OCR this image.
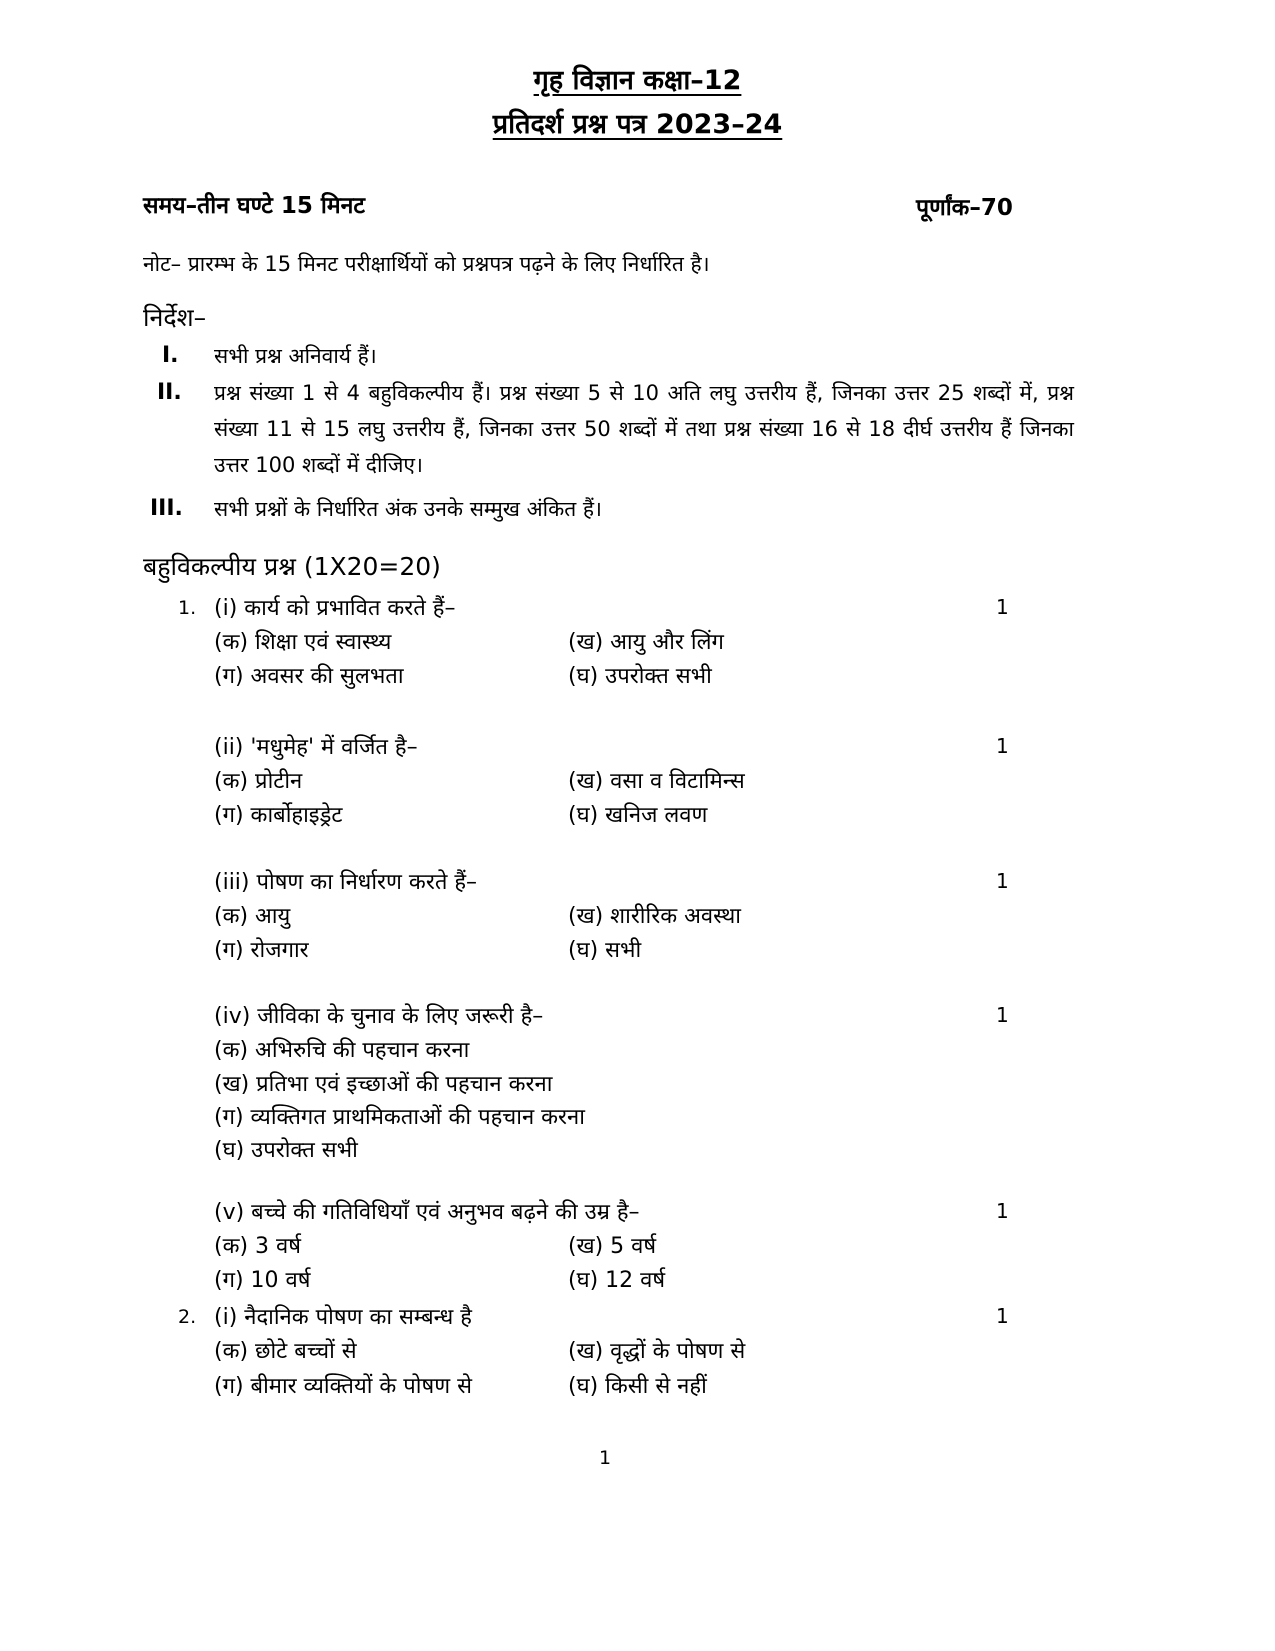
गृह विज्ञान कक्षा–12
प्रतिदर्श प्रश्न पत्र 2023–24
समय–तीन घण्टे 15 मिनट	पूर्णांक–70
नोट– प्रारम्भ के 15 मिनट परीक्षार्थियों को प्रश्नपत्र पढ़ने के लिए निर्धारित है।
निर्देश–
I. सभी प्रश्न अनिवार्य हैं।
II. प्रश्न संख्या 1 से 4 बहुविकल्पीय हैं। प्रश्न संख्या 5 से 10 अति लघु उत्तरीय हैं, जिनका उत्तर 25 शब्दों में, प्रश्न संख्या 11 से 15 लघु उत्तरीय हैं, जिनका उत्तर 50 शब्दों में तथा प्रश्न संख्या 16 से 18 दीर्घ उत्तरीय हैं जिनका उत्तर 100 शब्दों में दीजिए।
III. सभी प्रश्नों के निर्धारित अंक उनके सम्मुख अंकित हैं।
बहुविकल्पीय प्रश्न (1X20=20)
1. (i) कार्य को प्रभावित करते हैं–	1
(क) शिक्षा एवं स्वास्थ्य	(ख) आयु और लिंग
(ग) अवसर की सुलभता	(घ) उपरोक्त सभी
(ii) 'मधुमेह' में वर्जित है–	1
(क) प्रोटीन	(ख) वसा व विटामिन्स
(ग) कार्बोहाइड्रेट	(घ) खनिज लवण
(iii) पोषण का निर्धारण करते हैं–	1
(क) आयु	(ख) शारीरिक अवस्था
(ग) रोजगार	(घ) सभी
(iv) जीविका के चुनाव के लिए जरूरी है–	1
(क) अभिरुचि की पहचान करना
(ख) प्रतिभा एवं इच्छाओं की पहचान करना
(ग) व्यक्तिगत प्राथमिकताओं की पहचान करना
(घ) उपरोक्त सभी
(v) बच्चे की गतिविधियाँ एवं अनुभव बढ़ने की उम्र है–	1
(क) 3 वर्ष	(ख) 5 वर्ष
(ग) 10 वर्ष	(घ) 12 वर्ष
2. (i) नैदानिक पोषण का सम्बन्ध है	1
(क) छोटे बच्चों से	(ख) वृद्धों के पोषण से
(ग) बीमार व्यक्तियों के पोषण से	(घ) किसी से नहीं
1
